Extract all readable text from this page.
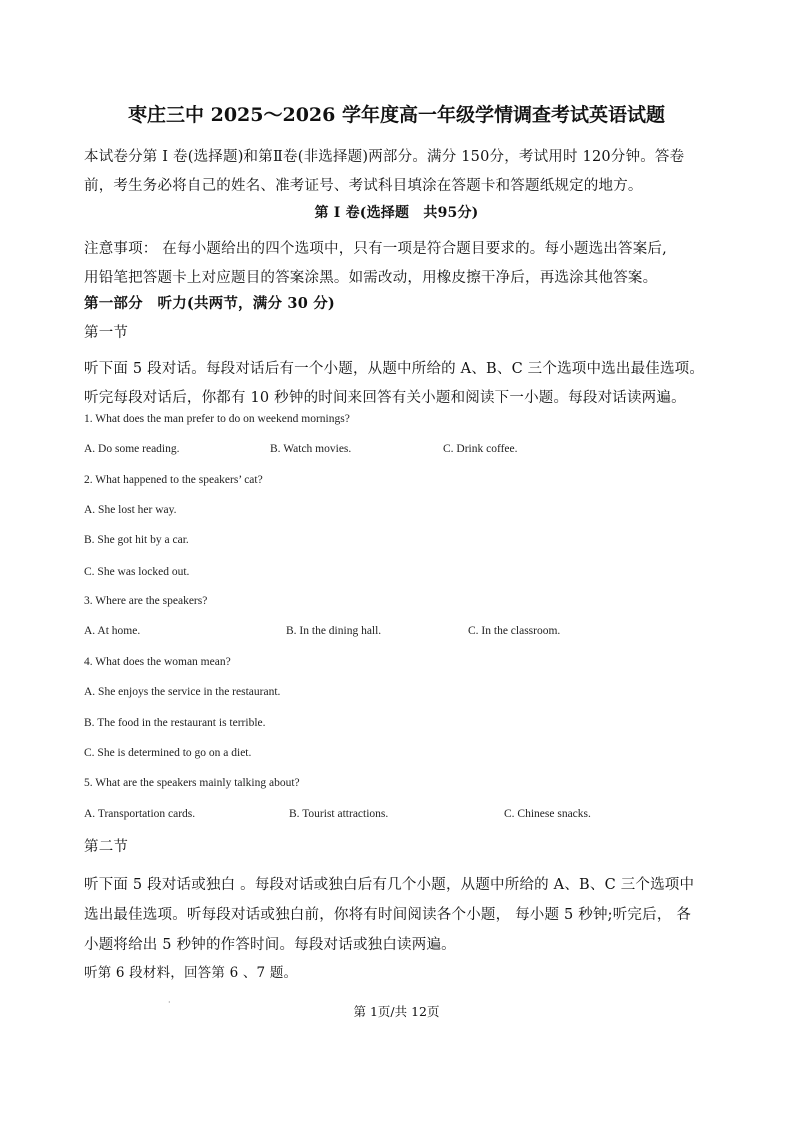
枣庄三中 2025～2026 学年度高一年级学情调查考试英语试题
本试卷分第 Ⅰ 卷(选择题)和第Ⅱ卷(非选择题)两部分。满分 150分，考试用时 120分钟。答卷
前，考生务必将自己的姓名、准考证号、考试科目填涂在答题卡和答题纸规定的地方。
第 Ⅰ 卷(选择题　共95分)
注意事项： 在每小题给出的四个选项中，只有一项是符合题目要求的。每小题选出答案后,
用铅笔把答题卡上对应题目的答案涂黑。如需改动，用橡皮擦干净后，再选涂其他答案。
第一部分　听力(共两节，满分 30 分)
第一节
听下面 5 段对话。每段对话后有一个小题，从题中所给的 A、B、C 三个选项中选出最佳选项。
听完每段对话后，你都有 10 秒钟的时间来回答有关小题和阅读下一小题。每段对话读两遍。
1. What does the man prefer to do on weekend mornings?
A. Do some reading.	B. Watch movies.	C. Drink coffee.
2. What happened to the speakers’ cat?
A. She lost her way.
B. She got hit by a car.
C. She was locked out.
3. Where are the speakers?
A. At home.	B. In the dining hall.	C. In the classroom.
4. What does the woman mean?
A. She enjoys the service in the restaurant.
B. The food in the restaurant is terrible.
C. She is determined to go on a diet.
5. What are the speakers mainly talking about?
A. Transportation cards.	B. Tourist attractions.	C. Chinese snacks.
第二节
听下面 5 段对话或独白 。每段对话或独白后有几个小题，从题中所给的 A、B、C 三个选项中
选出最佳选项。听每段对话或独白前，你将有时间阅读各个小题， 每小题 5 秒钟;听完后， 各
小题将给出 5 秒钟的作答时间。每段对话或独白读两遍。
听第 6 段材料，回答第 6 、7 题。
·
第 1页/共 12页
